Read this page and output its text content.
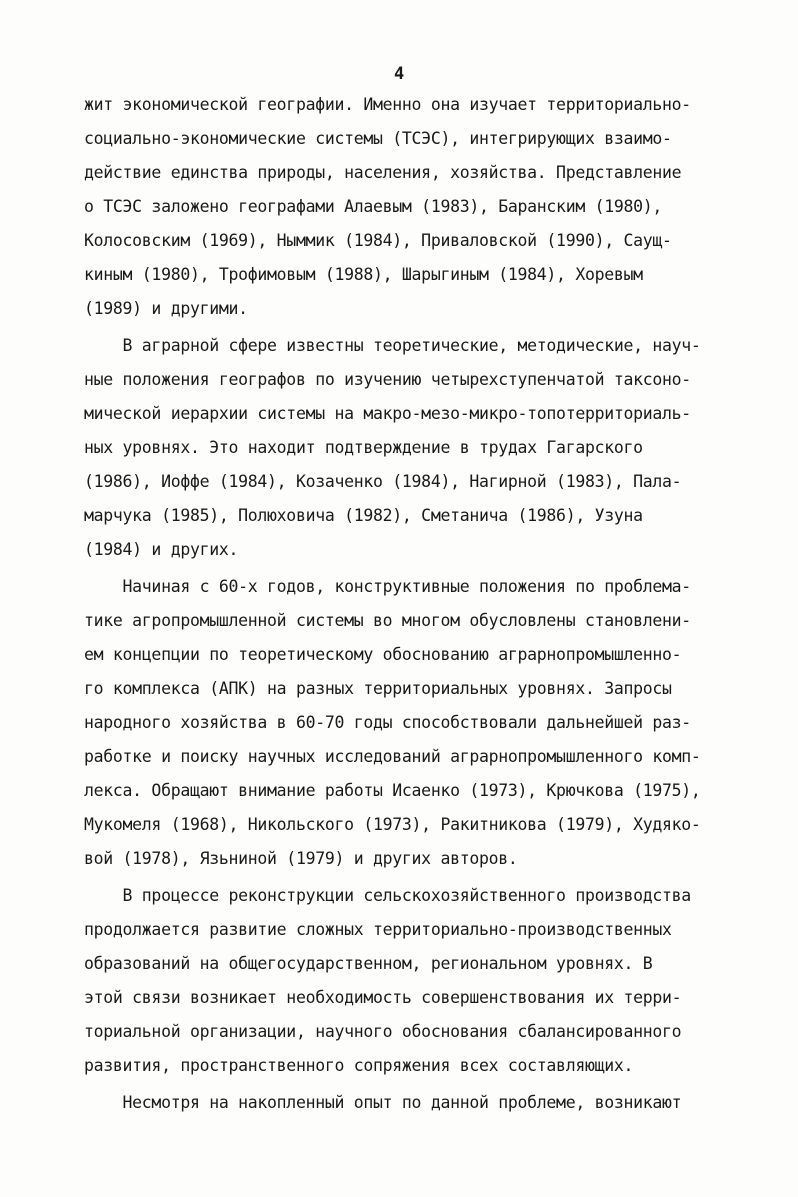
4
жит экономической географии. Именно она изучает территориально-
социально-экономические системы (ТСЭС), интегрирующих взаимо-
действие единства природы, населения, хозяйства. Представление
о ТСЭС заложено географами Алаевым (1983), Баранским (1980),
Колосовским (1969), Ныммик (1984), Приваловской (1990), Саущ-
киным (1980), Трофимовым (1988), Шарыгиным (1984), Хоревым
(1989) и другими.
В аграрной сфере известны теоретические, методические, науч-
ные положения географов по изучению четырехступенчатой таксоно-
мической иерархии системы на макро-мезо-микро-топотерриториаль-
ных уровнях. Это находит подтверждение в трудах Гагарского
(1986), Иоффе (1984), Козаченко (1984), Нагирной (1983), Пала-
марчука (1985), Полюховича (1982), Сметанича (1986), Узуна
(1984) и других.
Начиная с 60-х годов, конструктивные положения по проблема-
тике агропромышленной системы во многом обусловлены становлени-
ем концепции по теоретическому обоснованию аграрнопромышленно-
го комплекса (АПК) на разных территориальных уровнях. Запросы
народного хозяйства в 60-70 годы способствовали дальнейшей раз-
работке и поиску научных исследований аграрнопромышленного комп-
лекса. Обращают внимание работы Исаенко (1973), Крючкова (1975),
Мукомеля (1968), Никольского (1973), Ракитникова (1979), Худяко-
вой (1978), Язьниной (1979) и других авторов.
В процессе реконструкции сельскохозяйственного производства
продолжается развитие сложных территориально-производственных
образований на общегосударственном, региональном уровнях. В
этой связи возникает необходимость совершенствования их терри-
ториальной организации, научного обоснования сбалансированного
развития, пространственного сопряжения всех составляющих.
Несмотря на накопленный опыт по данной проблеме, возникают
